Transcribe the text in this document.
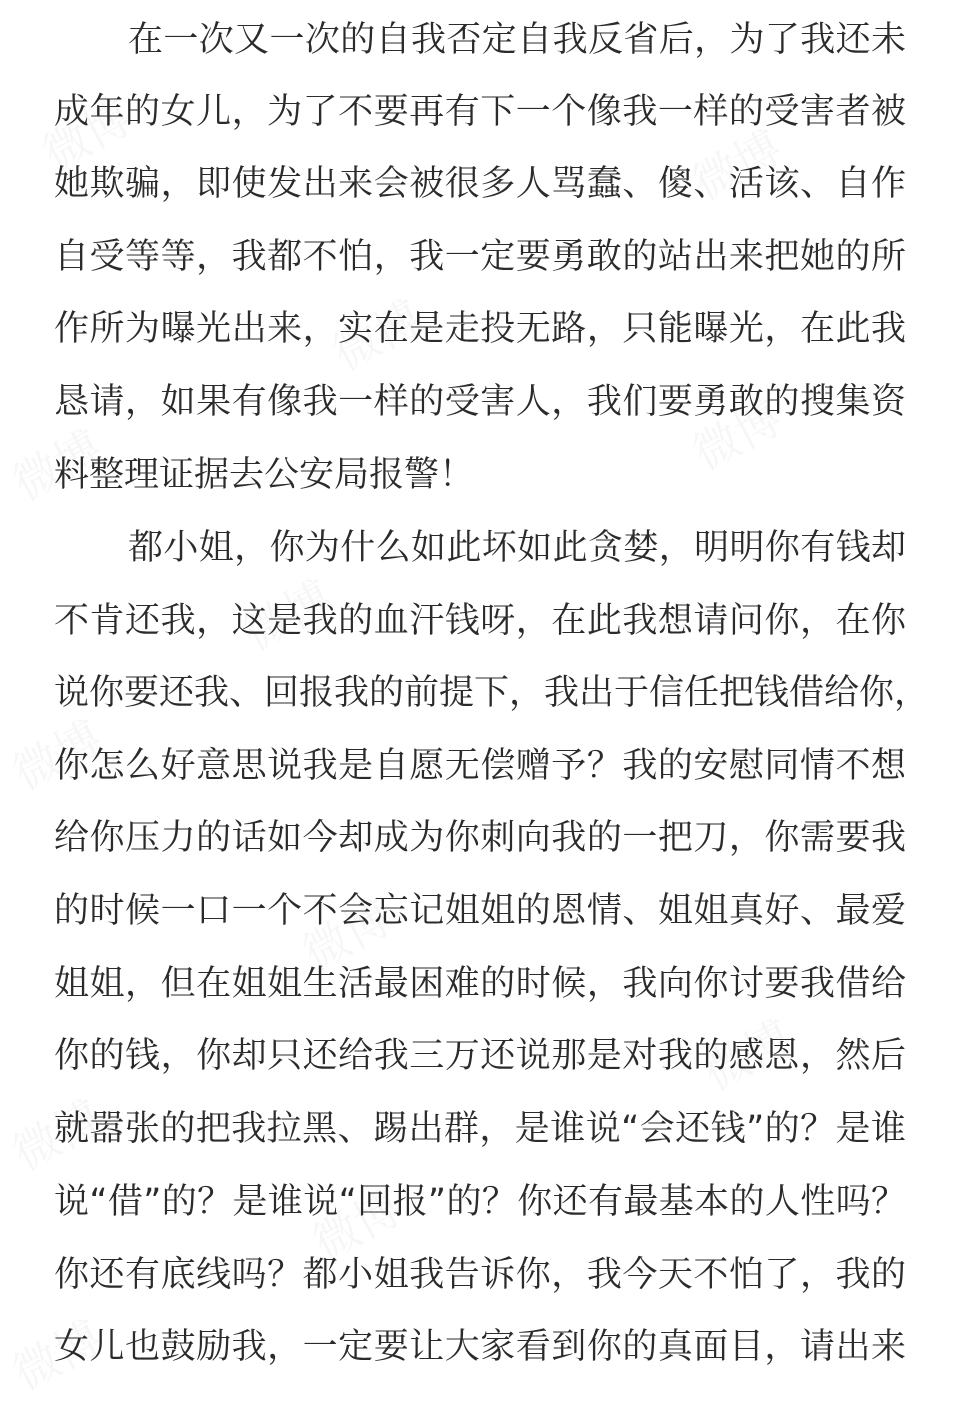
在一次又一次的自我否定自我反省后，为了我还未
成年的女儿，为了不要再有下一个像我一样的受害者被
她欺骗，即使发出来会被很多人骂蠢、傻、活该、自作
自受等等，我都不怕，我一定要勇敢的站出来把她的所
作所为曝光出来，实在是走投无路，只能曝光，在此我
恳请，如果有像我一样的受害人，我们要勇敢的搜集资
料整理证据去公安局报警！
都小姐，你为什么如此坏如此贪婪，明明你有钱却
不肯还我，这是我的血汗钱呀，在此我想请问你，在你
说你要还我、回报我的前提下，我出于信任把钱借给你，
你怎么好意思说我是自愿无偿赠予？我的安慰同情不想
给你压力的话如今却成为你刺向我的一把刀，你需要我
的时候一口一个不会忘记姐姐的恩情、姐姐真好、最爱
姐姐，但在姐姐生活最困难的时候，我向你讨要我借给
你的钱，你却只还给我三万还说那是对我的感恩，然后
就嚣张的把我拉黑、踢出群，是谁说“会还钱”的？是谁
说“借”的？是谁说“回报”的？你还有最基本的人性吗？
你还有底线吗？都小姐我告诉你，我今天不怕了，我的
女儿也鼓励我，一定要让大家看到你的真面目，请出来
